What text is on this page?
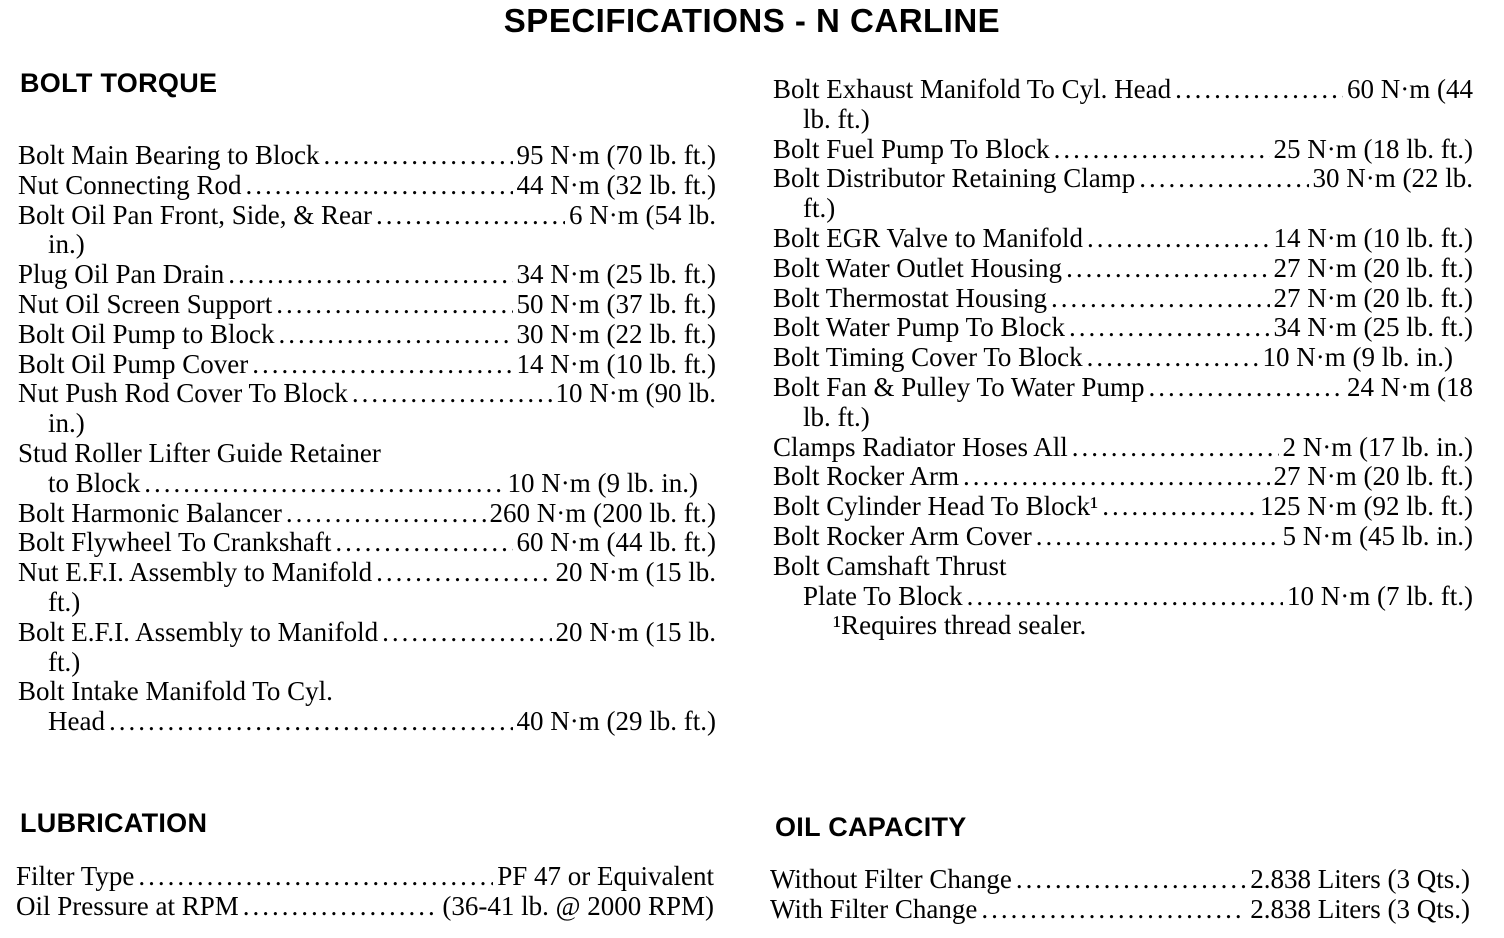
SPECIFICATIONS - N CARLINE
BOLT TORQUE
Bolt Main Bearing to Block .....	95 N·m (70 lb. ft.)
Nut Connecting Rod .....	44 N·m (32 lb. ft.)
Bolt Oil Pan Front, Side, & Rear .....	6 N·m (54 lb.
in.)
Plug Oil Pan Drain .....	34 N·m (25 lb. ft.)
Nut Oil Screen Support .....	50 N·m (37 lb. ft.)
Bolt Oil Pump to Block .....	30 N·m (22 lb. ft.)
Bolt Oil Pump Cover .....	14 N·m (10 lb. ft.)
Nut Push Rod Cover To Block .....	10 N·m (90 lb.
in.)
Stud Roller Lifter Guide Retainer
to Block .....	10 N·m (9 lb. in.)
Bolt Harmonic Balancer .....	260 N·m (200 lb. ft.)
Bolt Flywheel To Crankshaft .....	60 N·m (44 lb. ft.)
Nut E.F.I. Assembly to Manifold .....	20 N·m (15 lb.
ft.)
Bolt E.F.I. Assembly to Manifold .....	20 N·m (15 lb.
ft.)
Bolt Intake Manifold To Cyl.
Head .....	40 N·m (29 lb. ft.)
Bolt Exhaust Manifold To Cyl. Head .....	60 N·m (44
lb. ft.)
Bolt Fuel Pump To Block .....	25 N·m (18 lb. ft.)
Bolt Distributor Retaining Clamp .....	30 N·m (22 lb.
ft.)
Bolt EGR Valve to Manifold .....	14 N·m (10 lb. ft.)
Bolt Water Outlet Housing .....	27 N·m (20 lb. ft.)
Bolt Thermostat Housing .....	27 N·m (20 lb. ft.)
Bolt Water Pump To Block .....	34 N·m (25 lb. ft.)
Bolt Timing Cover To Block .....	10 N·m (9 lb. in.)
Bolt Fan & Pulley To Water Pump .....	24 N·m (18
lb. ft.)
Clamps Radiator Hoses All .....	2 N·m (17 lb. in.)
Bolt Rocker Arm .....	27 N·m (20 lb. ft.)
Bolt Cylinder Head To Block¹ .....	125 N·m (92 lb. ft.)
Bolt Rocker Arm Cover .....	5 N·m (45 lb. in.)
Bolt Camshaft Thrust
Plate To Block .....	10 N·m (7 lb. ft.)
¹Requires thread sealer.
LUBRICATION
Filter Type .....	PF 47 or Equivalent
Oil Pressure at RPM .....	(36-41 lb. @ 2000 RPM)
OIL CAPACITY
Without Filter Change .....	2.838 Liters (3 Qts.)
With Filter Change .....	2.838 Liters (3 Qts.)
